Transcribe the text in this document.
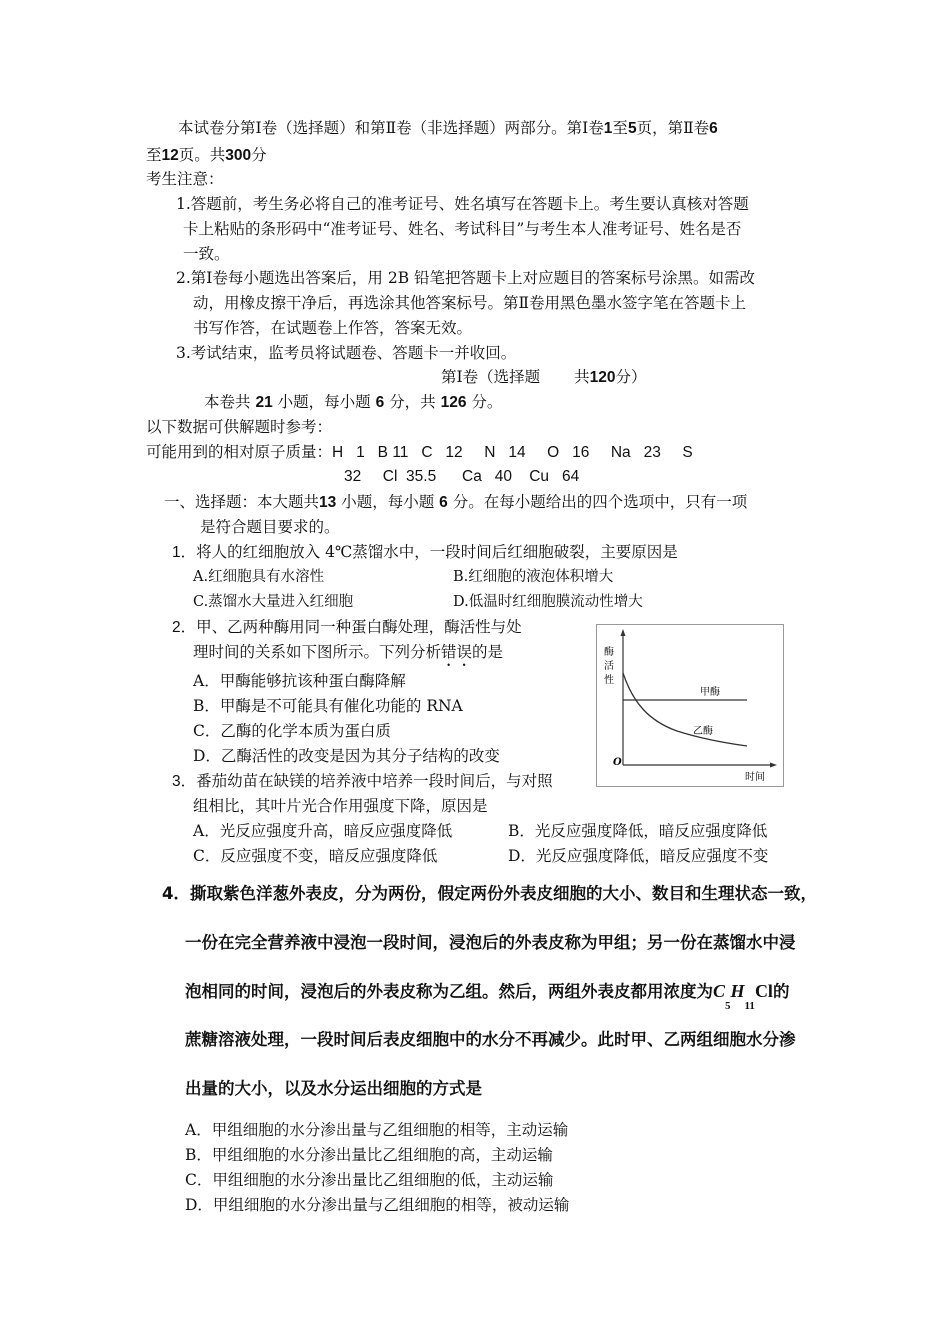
本试卷分第Ⅰ卷（选择题）和第Ⅱ卷（非选择题）两部分。第Ⅰ卷1至5页，第Ⅱ卷6
至12页。共300分
考生注意：
1.答题前，考生务必将自己的准考证号、姓名填写在答题卡上。考生要认真核对答题
卡上粘贴的条形码中“准考证号、姓名、考试科目”与考生本人准考证号、姓名是否
一致。
2.第Ⅰ卷每小题选出答案后，用 2B 铅笔把答题卡上对应题目的答案标号涂黑。如需改
动，用橡皮擦干净后，再选涂其他答案标号。第Ⅱ卷用黑色墨水签字笔在答题卡上
书写作答，在试题卷上作答，答案无效。
3.考试结束，监考员将试题卷、答题卡一并收回。
第Ⅰ卷（选择题 共120分）
本卷共 21 小题，每小题 6 分，共 126 分。
以下数据可供解题时参考：
可能用到的相对原子质量：H   1   B 11   C   12     N   14     O   16     Na   23     S
32     Cl  35.5      Ca   40    Cu   64
一、选择题：本大题共13 小题，每小题 6 分。在每小题给出的四个选项中，只有一项
是符合题目要求的。
1．将人的红细胞放入 4℃蒸馏水中，一段时间后红细胞破裂，主要原因是
A.红细胞具有水溶性	B.红细胞的液泡体积增大
C.蒸馏水大量进入红细胞	D.低温时红细胞膜流动性增大
2．甲、乙两种酶用同一种蛋白酶处理，酶活性与处
理时间的关系如下图所示。下列分析错误的是
A．甲酶能够抗该种蛋白酶降解
B．甲酶是不可能具有催化功能的 RNA
C．乙酶的化学本质为蛋白质
D．乙酶活性的改变是因为其分子结构的改变
酶
活
性
甲酶
乙酶
O
时间
3．番茄幼苗在缺镁的培养液中培养一段时间后，与对照
组相比，其叶片光合作用强度下降，原因是
A．光反应强度升高，暗反应强度降低	B．光反应强度降低，暗反应强度降低
C．反应强度不变，暗反应强度降低	D．光反应强度降低，暗反应强度不变
4．撕取紫色洋葱外表皮，分为两份，假定两份外表皮细胞的大小、数目和生理状态一致，
一份在完全营养液中浸泡一段时间，浸泡后的外表皮称为甲组；另一份在蒸馏水中浸
泡相同的时间，浸泡后的外表皮称为乙组。然后，两组外表皮都用浓度为$C_5H_{11}Cl$的
蔗糖溶液处理，一段时间后表皮细胞中的水分不再减少。此时甲、乙两组细胞水分渗
出量的大小，以及水分运出细胞的方式是
A．甲组细胞的水分渗出量与乙组细胞的相等，主动运输
B．甲组细胞的水分渗出量比乙组细胞的高，主动运输
C．甲组细胞的水分渗出量比乙组细胞的低，主动运输
D．甲组细胞的水分渗出量与乙组细胞的相等，被动运输
